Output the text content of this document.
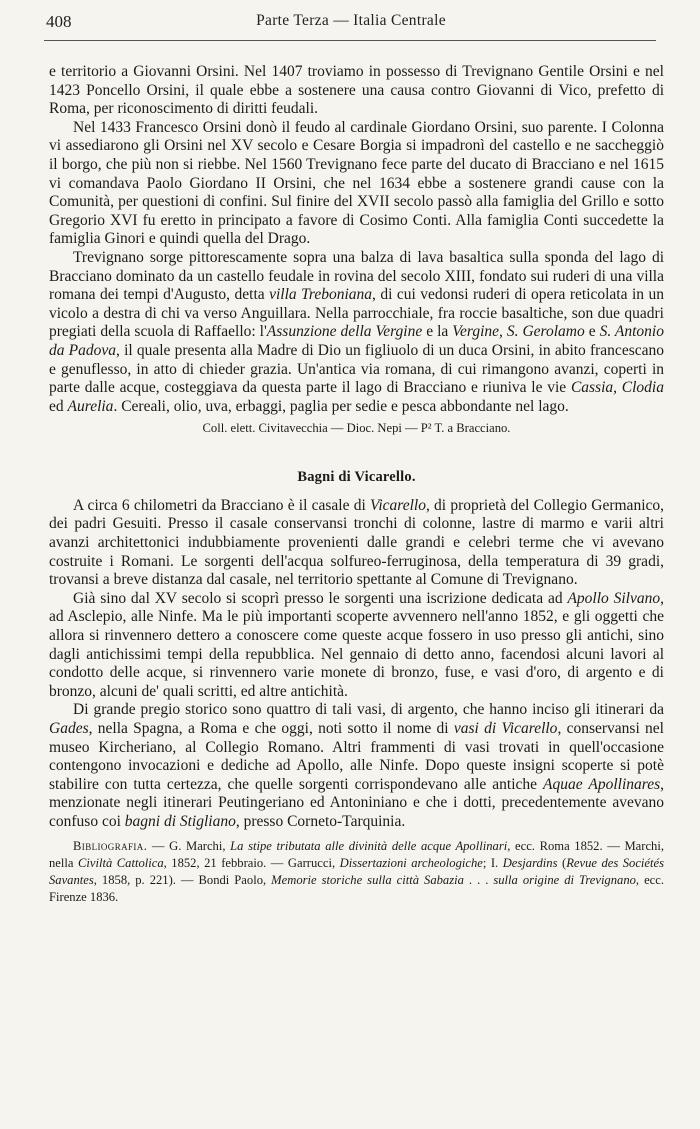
408	Parte Terza — Italia Centrale

e territorio a Giovanni Orsini. Nel 1407 troviamo in possesso di Trevignano Gentile Orsini e nel 1423 Poncello Orsini, il quale ebbe a sostenere una causa contro Giovanni di Vico, prefetto di Roma, per riconoscimento di diritti feudali.

Nel 1433 Francesco Orsini donò il feudo al cardinale Giordano Orsini, suo parente. I Colonna vi assediarono gli Orsini nel XV secolo e Cesare Borgia si impadronì del castello e ne saccheggiò il borgo, che più non si riebbe. Nel 1560 Trevignano fece parte del ducato di Bracciano e nel 1615 vi comandava Paolo Giordano II Orsini, che nel 1634 ebbe a sostenere grandi cause con la Comunità, per questioni di confini. Sul finire del XVII secolo passò alla famiglia del Grillo e sotto Gregorio XVI fu eretto in principato a favore di Cosimo Conti. Alla famiglia Conti succedette la famiglia Ginori e quindi quella del Drago.

Trevignano sorge pittorescamente sopra una balza di lava basaltica sulla sponda del lago di Bracciano dominato da un castello feudale in rovina del secolo XIII, fondato sui ruderi di una villa romana dei tempi d'Augusto, detta villa Treboniana, di cui vedonsi ruderi di opera reticolata in un vicolo a destra di chi va verso Anguillara. Nella parrocchiale, fra roccie basaltiche, son due quadri pregiati della scuola di Raffaello: l'Assunzione della Vergine e la Vergine, S. Gerolamo e S. Antonio da Padova, il quale presenta alla Madre di Dio un figliuolo di un duca Orsini, in abito francescano e genuflesso, in atto di chieder grazia. Un'antica via romana, di cui rimangono avanzi, coperti in parte dalle acque, costeggiava da questa parte il lago di Bracciano e riuniva le vie Cassia, Clodia ed Aurelia. Cereali, olio, uva, erbaggi, paglia per sedie e pesca abbondante nel lago.

Coll. elett. Civitavecchia — Dioc. Nepi — P² T. a Bracciano.
Bagni di Vicarello.

A circa 6 chilometri da Bracciano è il casale di Vicarello, di proprietà del Collegio Germanico, dei padri Gesuiti. Presso il casale conservansi tronchi di colonne, lastre di marmo e varii altri avanzi architettonici indubbiamente provenienti dalle grandi e celebri terme che vi avevano costruite i Romani. Le sorgenti dell'acqua solfureo-ferruginosa, della temperatura di 39 gradi, trovansi a breve distanza dal casale, nel territorio spettante al Comune di Trevignano.

Già sino dal XV secolo si scoprì presso le sorgenti una iscrizione dedicata ad Apollo Silvano, ad Asclepio, alle Ninfe. Ma le più importanti scoperte avvennero nell'anno 1852, e gli oggetti che allora si rinvennero dettero a conoscere come queste acque fossero in uso presso gli antichi, sino dagli antichissimi tempi della repubblica. Nel gennaio di detto anno, facendosi alcuni lavori al condotto delle acque, si rinvennero varie monete di bronzo, fuse, e vasi d'oro, di argento e di bronzo, alcuni de' quali scritti, ed altre antichità.

Di grande pregio storico sono quattro di tali vasi, di argento, che hanno inciso gli itinerari da Gades, nella Spagna, a Roma e che oggi, noti sotto il nome di vasi di Vicarello, conservansi nel museo Kircheriano, al Collegio Romano. Altri frammenti di vasi trovati in quell'occasione contengono invocazioni e dediche ad Apollo, alle Ninfe. Dopo queste insigni scoperte si potè stabilire con tutta certezza, che quelle sorgenti corrispondevano alle antiche Aquae Apollinares, menzionate negli itinerari Peutingeriano ed Antoniniano e che i dotti, precedentemente avevano confuso coi bagni di Stigliano, presso Corneto-Tarquinia.

Bibliografia. — G. Marchi, La stipe tributata alle divinità delle acque Apollinari, ecc. Roma 1852. — Marchi, nella Civiltà Cattolica, 1852, 21 febbraio. — Garrucci, Dissertazioni archeologiche; I. Desjardins (Revue des Sociétés Savantes, 1858, p. 221). — Bondi Paolo, Memorie storiche sulla città Sabazia . . . sulla origine di Trevignano, ecc. Firenze 1836.
